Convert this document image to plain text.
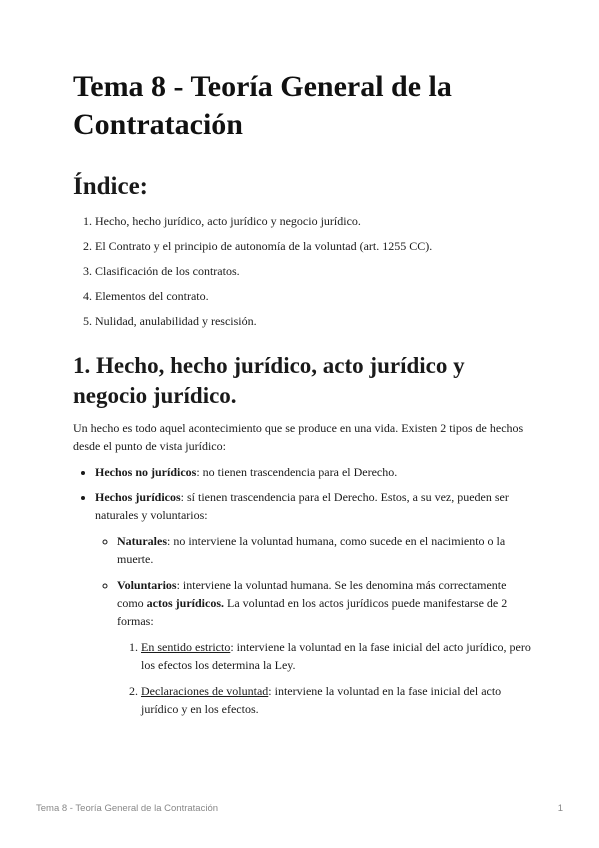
Tema 8 - Teoría General de la Contratación
Índice:
1. Hecho, hecho jurídico, acto jurídico y negocio jurídico.
2. El Contrato y el principio de autonomía de la voluntad (art. 1255 CC).
3. Clasificación de los contratos.
4. Elementos del contrato.
5. Nulidad, anulabilidad y rescisión.
1. Hecho, hecho jurídico, acto jurídico y negocio jurídico.

Un hecho es todo aquel acontecimiento que se produce en una vida. Existen 2 tipos de hechos desde el punto de vista jurídico:

• Hechos no jurídicos: no tienen trascendencia para el Derecho.
• Hechos jurídicos: sí tienen trascendencia para el Derecho. Estos, a su vez, pueden ser naturales y voluntarios:
◦ Naturales: no interviene la voluntad humana, como sucede en el nacimiento o la muerte.
◦ Voluntarios: interviene la voluntad humana. Se les denomina más correctamente como actos jurídicos. La voluntad en los actos jurídicos puede manifestarse de 2 formas:
1. En sentido estricto: interviene la voluntad en la fase inicial del acto jurídico, pero los efectos los determina la Ley.
2. Declaraciones de voluntad: interviene la voluntad en la fase inicial del acto jurídico y en los efectos.
Tema 8 - Teoría General de la Contratación	1
